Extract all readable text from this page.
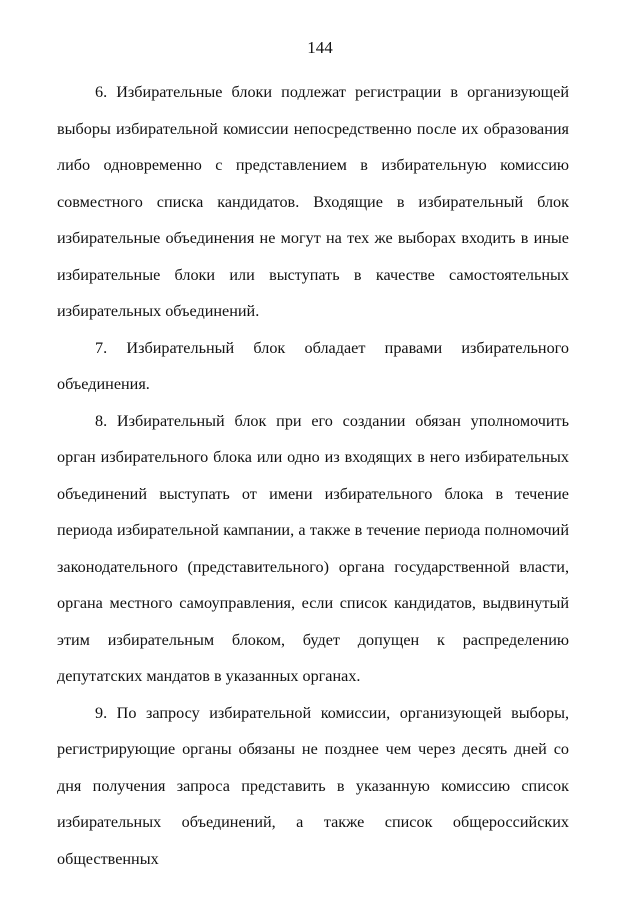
144

6. Избирательные блоки подлежат регистрации в организующей выборы избирательной комиссии непосредственно после их образования либо одновременно с представлением в избирательную комиссию совместного списка кандидатов. Входящие в избирательный блок избирательные объединения не могут на тех же выборах входить в иные избирательные блоки или выступать в качестве самостоятельных избирательных объединений.

7. Избирательный блок обладает правами избирательного объединения.

8. Избирательный блок при его создании обязан уполномочить орган избирательного блока или одно из входящих в него избирательных объединений выступать от имени избирательного блока в течение периода избирательной кампании, а также в течение периода полномочий законодательного (представительного) органа государственной власти, органа местного самоуправления, если список кандидатов, выдвинутый этим избирательным блоком, будет допущен к распределению депутатских мандатов в указанных органах.

9. По запросу избирательной комиссии, организующей выборы, регистрирующие органы обязаны не позднее чем через десять дней со дня получения запроса представить в указанную комиссию список избирательных объединений, а также список общероссийских общественных
